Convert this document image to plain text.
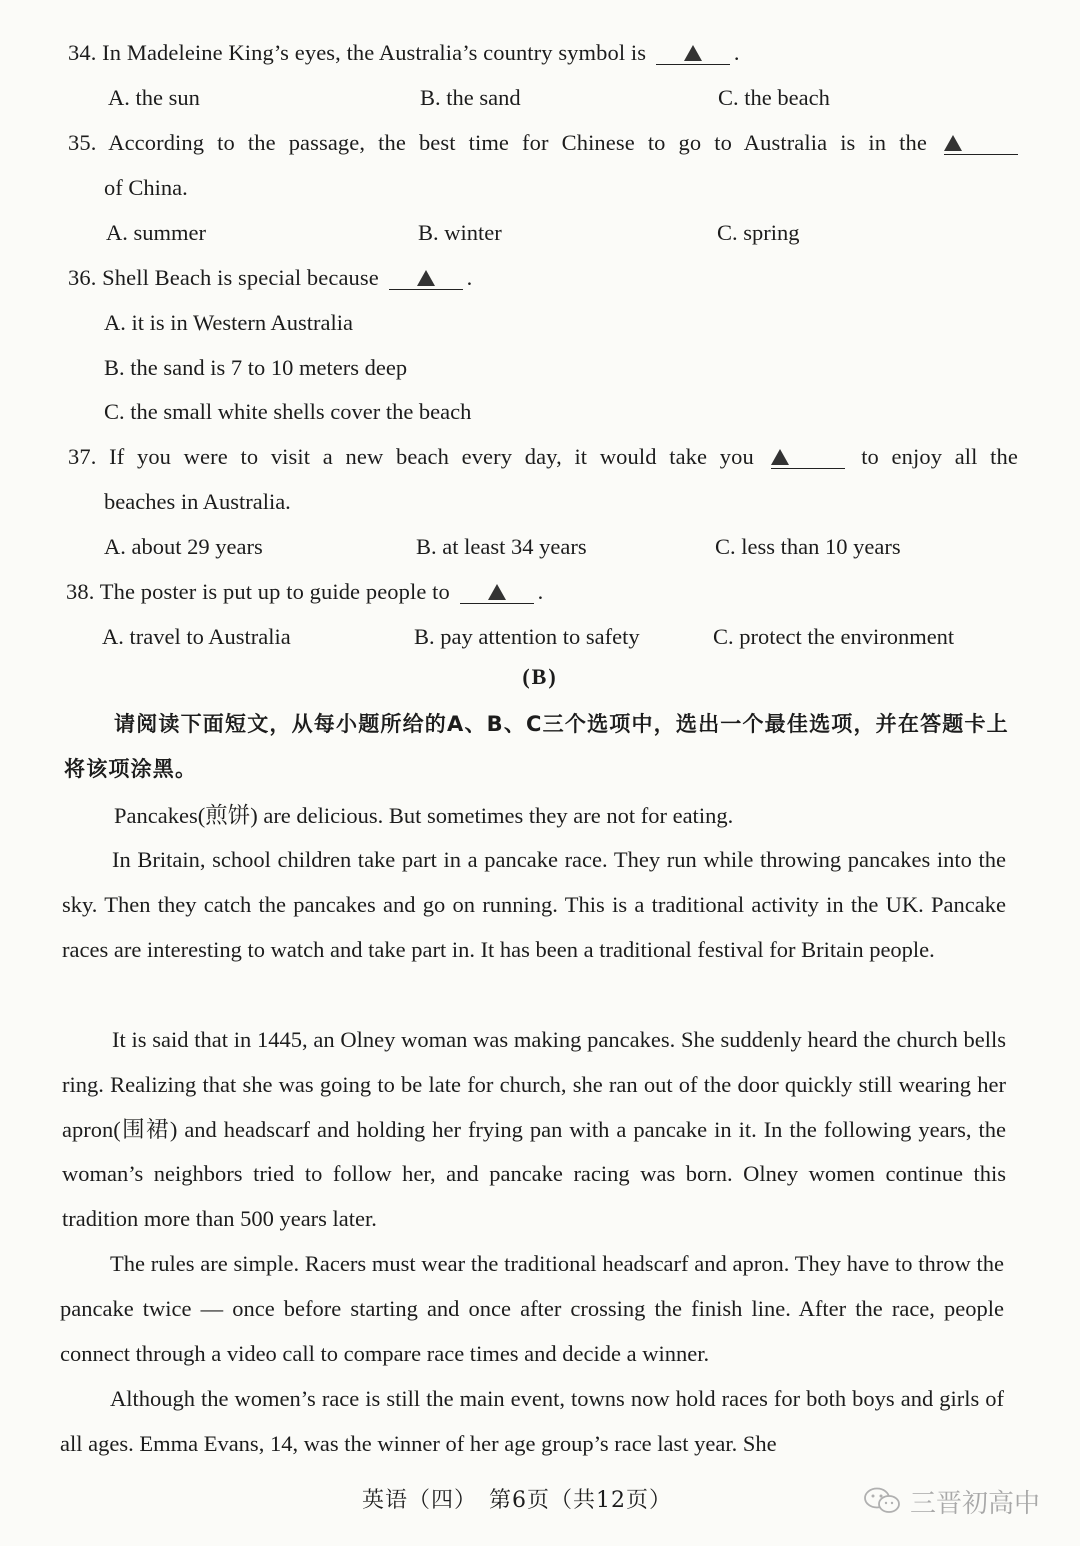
34. In Madeleine King’s eyes, the Australia’s country symbol is	.
A. the sun	B. the sand	C. the beach
35. According to the passage, the best time for Chinese to go to Australia is in the
of China.
A. summer	B. winter	C. spring
36. Shell Beach is special because	.
A. it is in Western Australia
B. the sand is 7 to 10 meters deep
C. the small white shells cover the beach
37. If you were to visit a new beach every day, it would take you	to enjoy all the
beaches in Australia.
A. about 29 years	B. at least 34 years	C. less than 10 years
38. The poster is put up to guide people to	.
A. travel to Australia	B. pay attention to safety	C. protect the environment
(B)
请阅读下面短文，从每小题所给的A、B、C三个选项中，选出一个最佳选项，并在答题卡上将该项涂黑。
Pancakes(煎饼) are delicious. But sometimes they are not for eating.
In Britain, school children take part in a pancake race. They run while throwing pancakes into the sky. Then they catch the pancakes and go on running. This is a traditional activity in the UK. Pancake races are interesting to watch and take part in. It has been a traditional festival for Britain people.
It is said that in 1445, an Olney woman was making pancakes. She suddenly heard the church bells ring. Realizing that she was going to be late for church, she ran out of the door quickly still wearing her apron(围裙) and headscarf and holding her frying pan with a pancake in it. In the following years, the woman’s neighbors tried to follow her, and pancake racing was born. Olney women continue this tradition more than 500 years later.
The rules are simple. Racers must wear the traditional headscarf and apron. They have to throw the pancake twice — once before starting and once after crossing the finish line. After the race, people connect through a video call to compare race times and decide a winner.
Although the women’s race is still the main event, towns now hold races for both boys and girls of all ages. Emma Evans, 14, was the winner of her age group’s race last year. She
英语（四）　第6页（共12页）	三晋初高中
